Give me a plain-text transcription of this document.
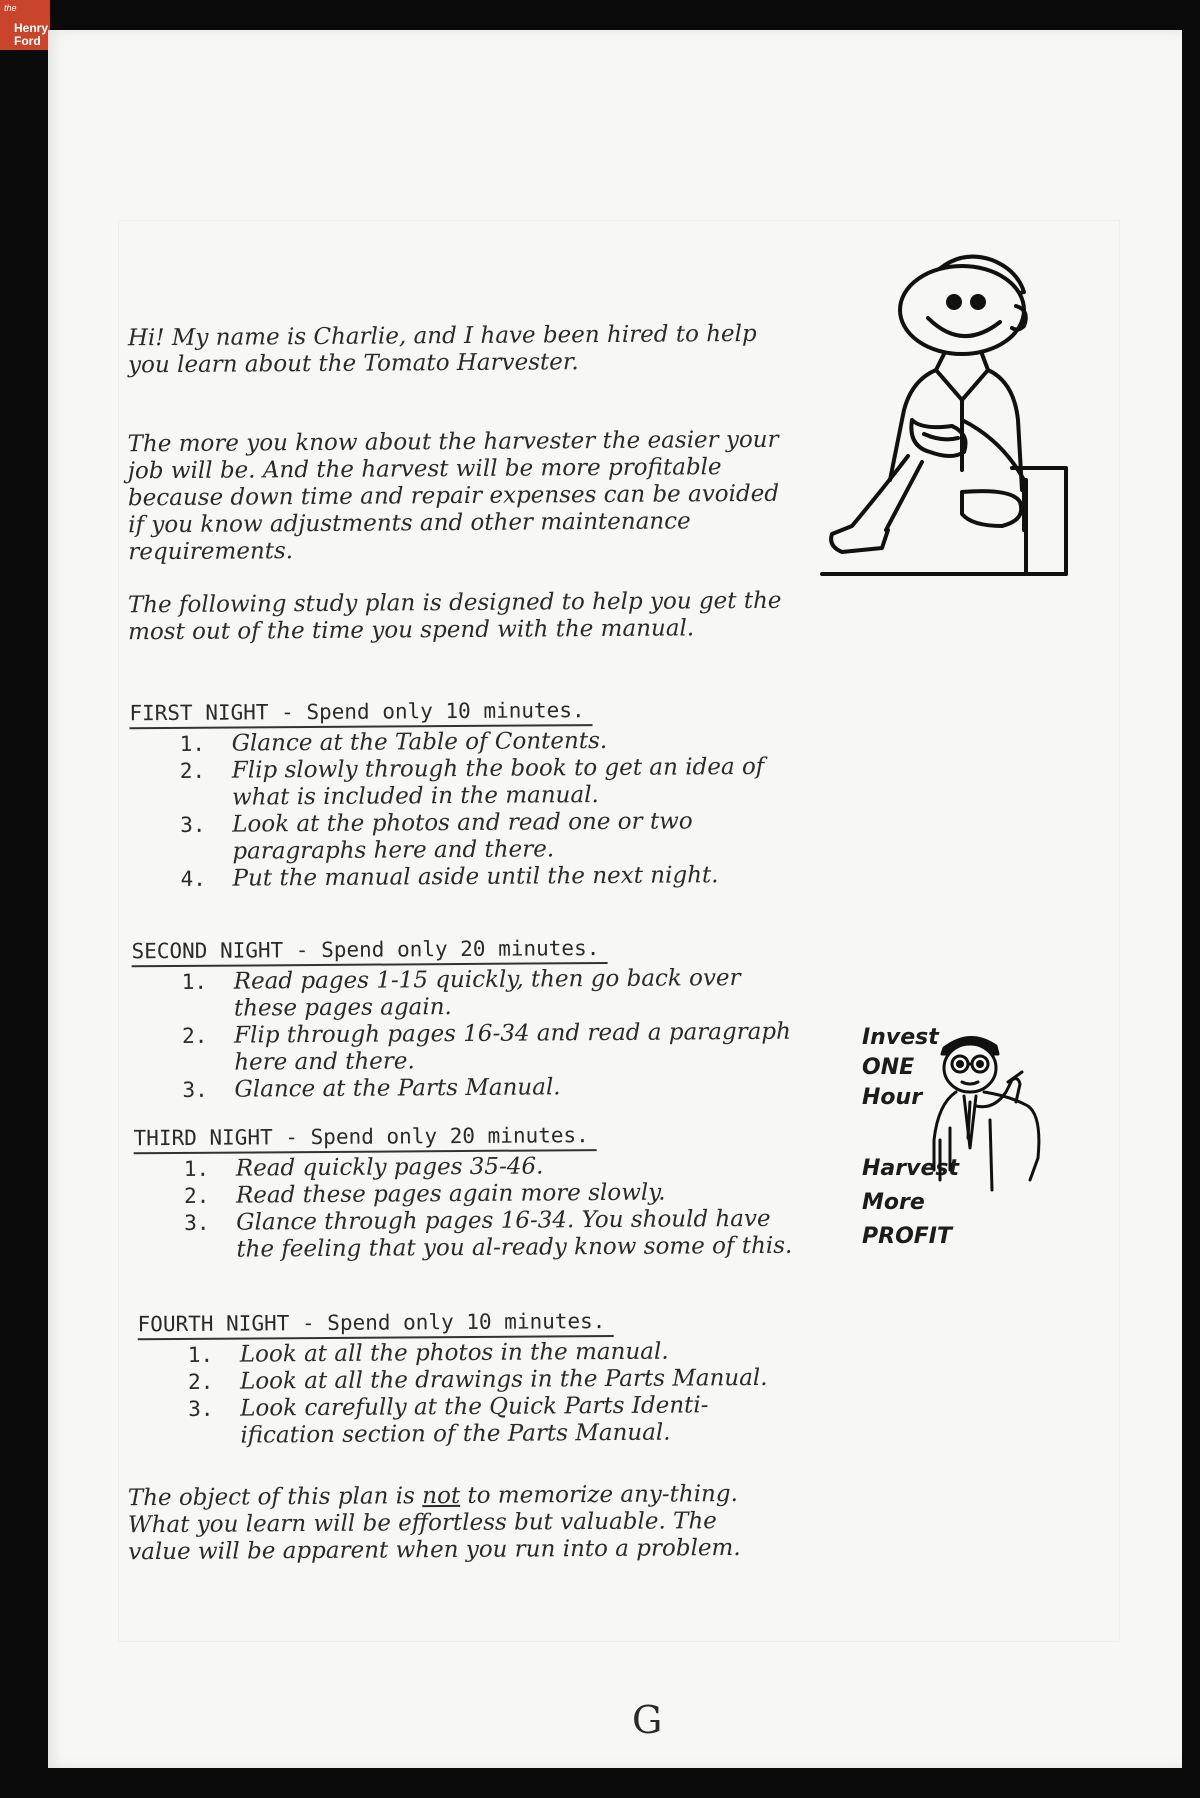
the
Henry
Ford

Hi! My name is Charlie, and I have been hired to help you learn about the Tomato Harvester.

The more you know about the harvester the easier your job will be. And the harvest will be more profitable because down time and repair expenses can be avoided if you know adjustments and other maintenance requirements.

The following study plan is designed to help you get the most out of the time you spend with the manual.

FIRST NIGHT - Spend only 10 minutes.
1. Glance at the Table of Contents.
2. Flip slowly through the book to get an idea of what is included in the manual.
3. Look at the photos and read one or two paragraphs here and there.
4. Put the manual aside until the next night.
SECOND NIGHT - Spend only 20 minutes.
1. Read pages 1-15 quickly, then go back over these pages again.
2. Flip through pages 16-34 and read a paragraph here and there.
3. Glance at the Parts Manual.
THIRD NIGHT - Spend only 20 minutes.
1. Read quickly pages 35-46.
2. Read these pages again more slowly.
3. Glance through pages 16-34. You should have the feeling that you al-ready know some of this.
FOURTH NIGHT - Spend only 10 minutes.
1. Look at all the photos in the manual.
2. Look at all the drawings in the Parts Manual.
3. Look carefully at the Quick Parts Identi-ification section of the Parts Manual.

The object of this plan is not to memorize any-thing. What you learn will be effortless but valuable. The value will be apparent when you run into a problem.

Invest
ONE
Hour
Harvest
More
PROFIT
G
